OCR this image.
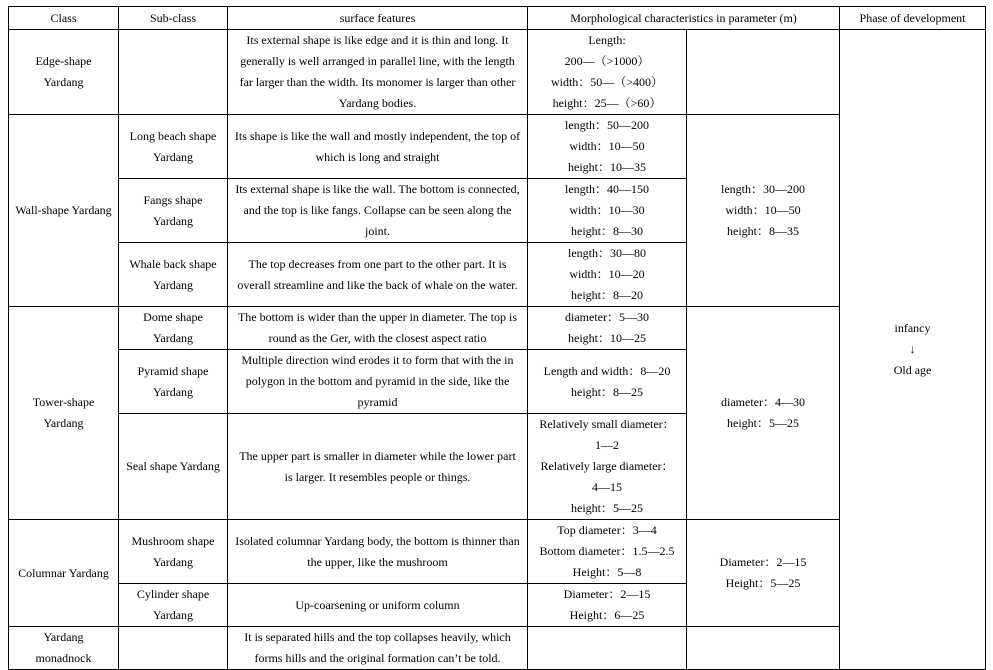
Class	Sub-class	surface features	Morphological characteristics in parameter (m)		Phase of development
Edge-shape Yardang		Its external shape is like edge and it is thin and long. It generally is well arranged in parallel line, with the length far larger than the width. Its monomer is larger than other Yardang bodies.	Length:
200—（>1000）
width：50—（>400）
height：25—（>60）		infancy
↓
Old age

Wall-shape Yardang	Long beach shape Yardang	Its shape is like the wall and mostly independent, the top of which is long and straight	length：50—200
width：10—50
height：10—35	length：30—200
width：10—50
height：8—35	

	Fangs shape Yardang	Its external shape is like the wall. The bottom is connected, and the top is like fangs. Collapse can be seen along the joint.	length：40—150
width：10—30
height：8—30		

	Whale back shape Yardang	The top decreases from one part to the other part. It is overall streamline and like the back of whale on the water.	length：30—80
width：10—20
height：8—20		

Tower-shape Yardang	Dome shape Yardang	The bottom is wider than the upper in diameter. The top is round as the Ger, with the closest aspect ratio	diameter：5—30
height：10—25	diameter：4—30
height：5—25	

	Pyramid shape Yardang	Multiple direction wind erodes it to form that with the in polygon in the bottom and pyramid in the side, like the pyramid	Length and width：8—20
height：8—25		

	Seal shape Yardang	The upper part is smaller in diameter while the lower part is larger. It resembles people or things.	Relatively small diameter：
1—2
Relatively large diameter：
4—15
height：5—25		

Columnar Yardang	Mushroom shape Yardang	Isolated columnar Yardang body, the bottom is thinner than the upper, like the mushroom	Top diameter：3—4
Bottom diameter：1.5—2.5
Height：5—8	Diameter：2—15
Height：5—25	

	Cylinder shape Yardang	Up-coarsening or uniform column	Diameter：2—15
Height：6—25		

Yardang monadnock		It is separated hills and the top collapses heavily, which forms hills and the original formation can’t be told.			
